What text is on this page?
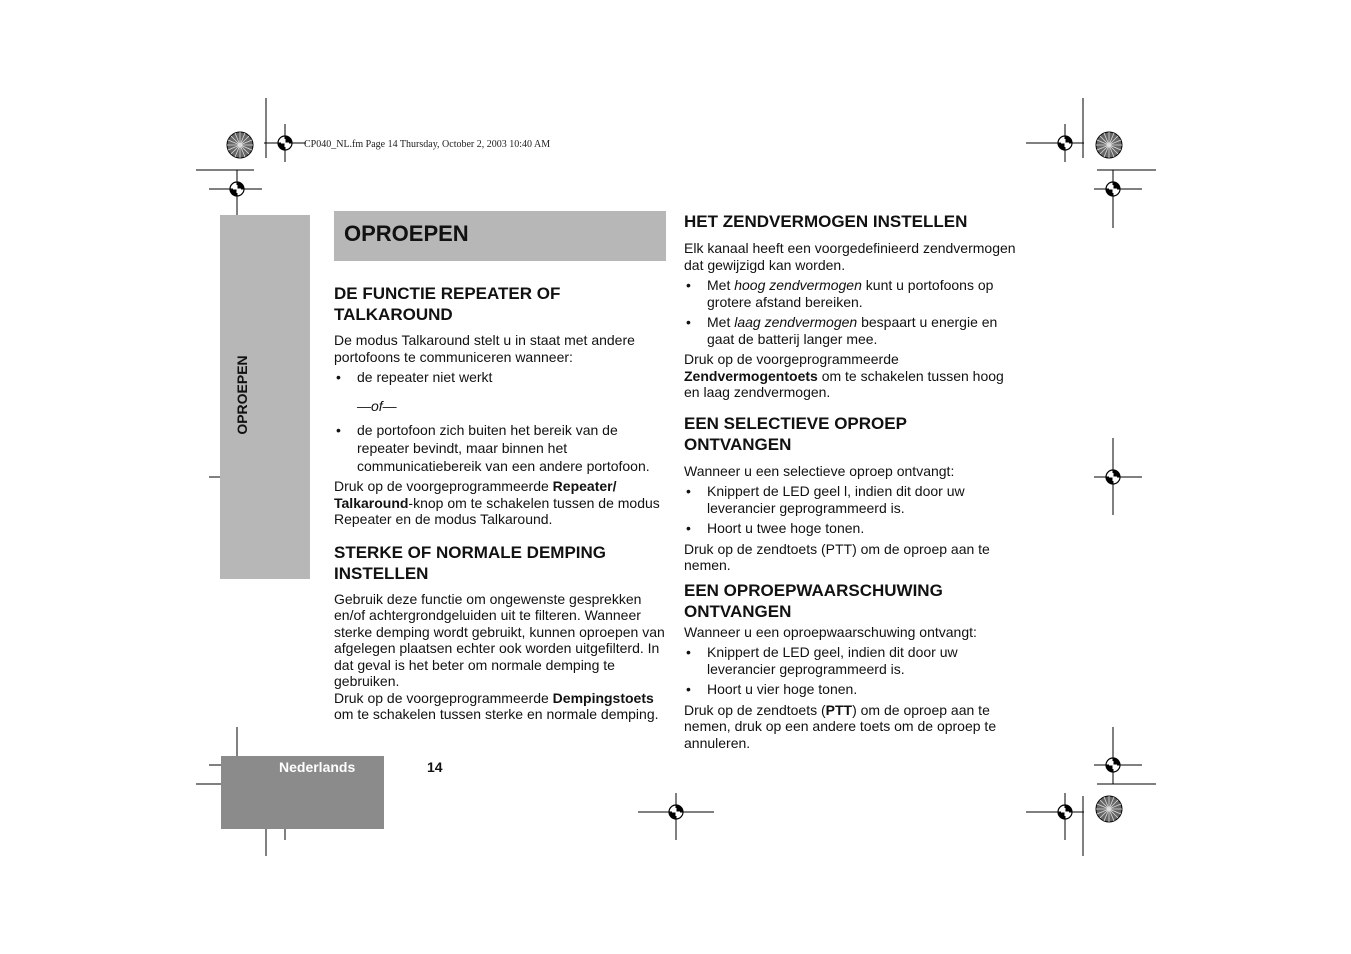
CP040_NL.fm Page 14 Thursday, October 2, 2003 10:40 AM
OPROEPEN
OPROEPEN
DE FUNCTIE REPEATER OF TALKAROUND

De modus Talkaround stelt u in staat met andere portofoons te communiceren wanneer:

• de repeater niet werkt

—of—

• de portofoon zich buiten het bereik van de repeater bevindt, maar binnen het communicatiebereik van een andere portofoon.

Druk op de voorgeprogrammeerde Repeater/ Talkaround-knop om te schakelen tussen de modus Repeater en de modus Talkaround.

STERKE OF NORMALE DEMPING INSTELLEN

Gebruik deze functie om ongewenste gesprekken en/of achtergrondgeluiden uit te filteren. Wanneer sterke demping wordt gebruikt, kunnen oproepen van afgelegen plaatsen echter ook worden uitgefilterd. In dat geval is het beter om normale demping te gebruiken.

Druk op de voorgeprogrammeerde Dempingstoets om te schakelen tussen sterke en normale demping.

HET ZENDVERMOGEN INSTELLEN

Elk kanaal heeft een voorgedefinieerd zendvermogen dat gewijzigd kan worden.

• Met hoog zendvermogen kunt u portofoons op grotere afstand bereiken.
• Met laag zendvermogen bespaart u energie en gaat de batterij langer mee.

Druk op de voorgeprogrammeerde Zendvermogentoets om te schakelen tussen hoog en laag zendvermogen.

EEN SELECTIEVE OPROEP ONTVANGEN

Wanneer u een selectieve oproep ontvangt:

• Knippert de LED geel l, indien dit door uw leverancier geprogrammeerd is.
• Hoort u twee hoge tonen.

Druk op de zendtoets (PTT) om de oproep aan te nemen.

EEN OPROEPWAARSCHUWING ONTVANGEN

Wanneer u een oproepwaarschuwing ontvangt:

• Knippert de LED geel, indien dit door uw leverancier geprogrammeerd is.
• Hoort u vier hoge tonen.

Druk op de zendtoets (PTT) om de oproep aan te nemen, druk op een andere toets om de oproep te annuleren.

Nederlands	14
